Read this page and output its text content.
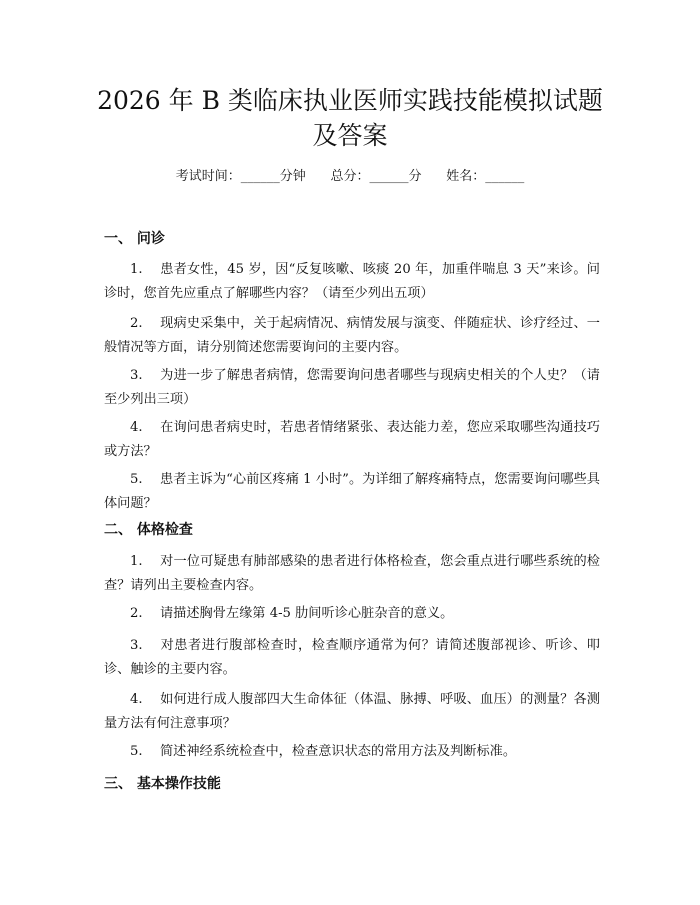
2026 年 B 类临床执业医师实践技能模拟试题
及答案
考试时间：______分钟      总分：______分      姓名：______
一、 问诊

1. 患者女性，45 岁，因“反复咳嗽、咳痰 20 年，加重伴喘息 3 天”来诊。问诊时，您首先应重点了解哪些内容？（请至少列出五项）

2. 现病史采集中，关于起病情况、病情发展与演变、伴随症状、诊疗经过、一般情况等方面，请分别简述您需要询问的主要内容。

3. 为进一步了解患者病情，您需要询问患者哪些与现病史相关的个人史？（请至少列出三项）

4. 在询问患者病史时，若患者情绪紧张、表达能力差，您应采取哪些沟通技巧或方法？

5. 患者主诉为“心前区疼痛 1 小时”。为详细了解疼痛特点，您需要询问哪些具体问题？

二、 体格检查

1. 对一位可疑患有肺部感染的患者进行体格检查，您会重点进行哪些系统的检查？请列出主要检查内容。

2. 请描述胸骨左缘第 4-5 肋间听诊心脏杂音的意义。

3. 对患者进行腹部检查时，检查顺序通常为何？请简述腹部视诊、听诊、叩诊、触诊的主要内容。

4. 如何进行成人腹部四大生命体征（体温、脉搏、呼吸、血压）的测量？各测量方法有何注意事项？

5. 简述神经系统检查中，检查意识状态的常用方法及判断标准。

三、 基本操作技能
